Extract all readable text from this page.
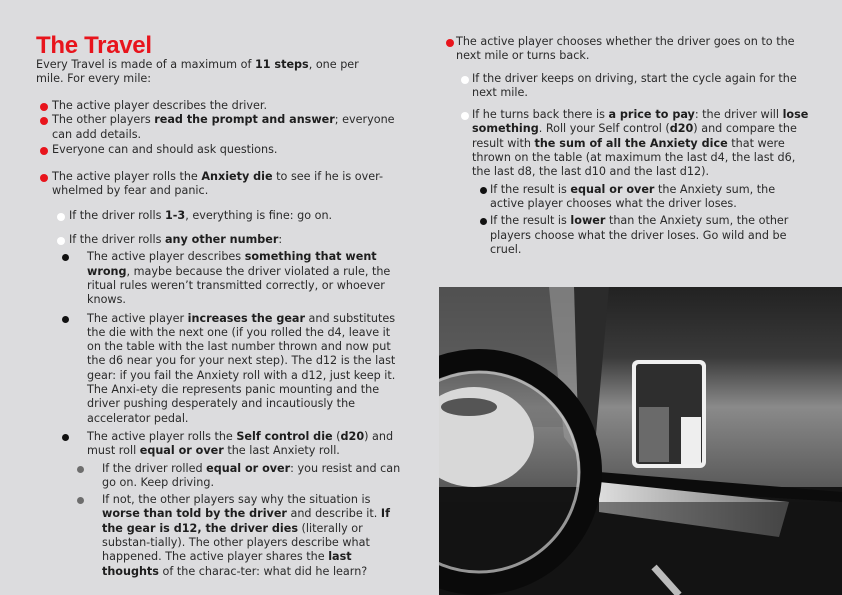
The Travel
Every Travel is made of a maximum of 11 steps, one per mile. For every mile:
The active player describes the driver.
The other players read the prompt and answer; everyone can add details.
Everyone can and should ask questions.
The active player rolls the Anxiety die to see if he is over-whelmed by fear and panic.
If the driver rolls 1-3, everything is fine: go on.
If the driver rolls any other number:
The active player describes something that went wrong, maybe because the driver violated a rule, the ritual rules weren’t transmitted correctly, or whoever knows.
The active player increases the gear and substitutes the die with the next one (if you rolled the d4, leave it on the table with the last number thrown and now put the d6 near you for your next step). The d12 is the last gear: if you fail the Anxiety roll with a d12, just keep it. The Anxi-ety die represents panic mounting and the driver pushing desperately and incautiously the accelerator pedal.
The active player rolls the Self control die (d20) and must roll equal or over the last Anxiety roll.
If the driver rolled equal or over: you resist and can go on. Keep driving.
If not, the other players say why the situation is worse than told by the driver and describe it. If the gear is d12, the driver dies (literally or substan-tially). The other players describe what happened. The active player shares the last thoughts of the charac-ter: what did he learn?
The active player chooses whether the driver goes on to the next mile or turns back.
If the driver keeps on driving, start the cycle again for the next mile.
If he turns back there is a price to pay: the driver will lose something. Roll your Self control (d20) and compare the result with the sum of all the Anxiety dice that were thrown on the table (at maximum the last d4, the last d6, the last d8, the last d10 and the last d12).
If the result is equal or over the Anxiety sum, the active player chooses what the driver loses.
If the result is lower than the Anxiety sum, the other players choose what the driver loses. Go wild and be cruel.
